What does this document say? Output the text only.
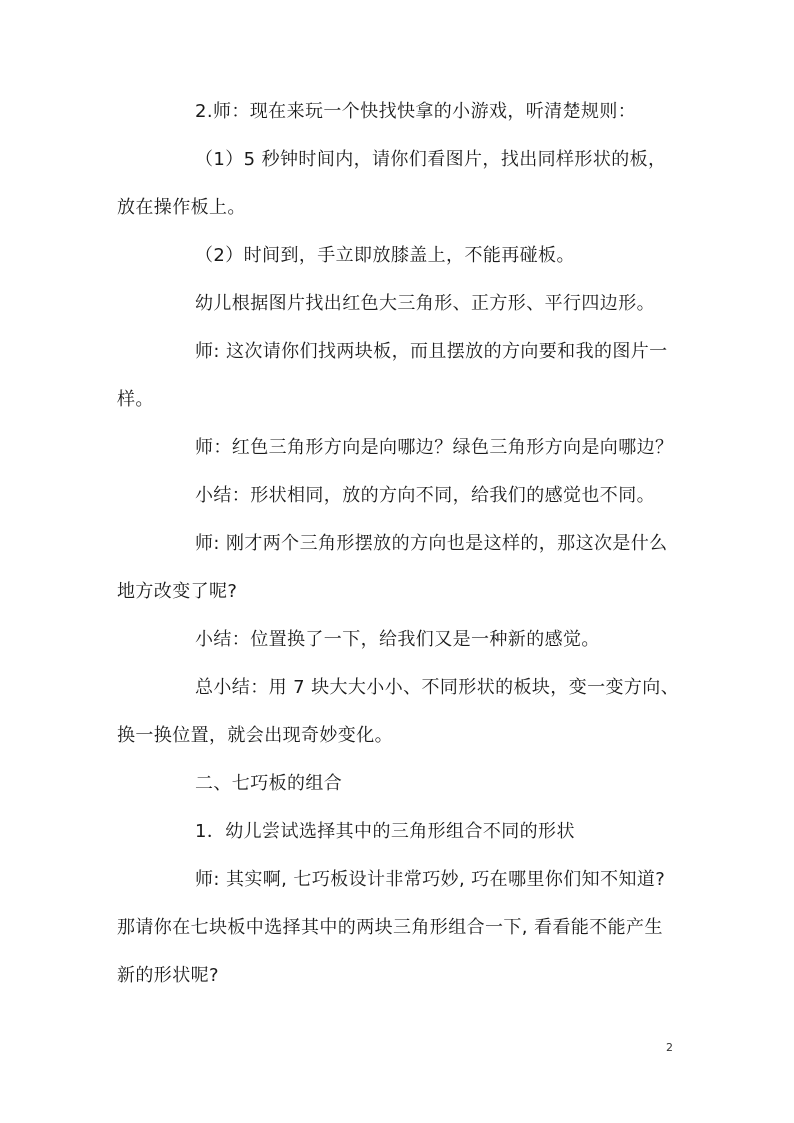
2.师：现在来玩一个快找快拿的小游戏，听清楚规则：
（1）5 秒钟时间内，请你们看图片，找出同样形状的板，
放在操作板上。
（2）时间到，手立即放膝盖上，不能再碰板。
幼儿根据图片找出红色大三角形、正方形、平行四边形。
师: 这次请你们找两块板，而且摆放的方向要和我的图片一
样。
师：红色三角形方向是向哪边？绿色三角形方向是向哪边？
小结：形状相同，放的方向不同，给我们的感觉也不同。
师: 刚才两个三角形摆放的方向也是这样的，那这次是什么
地方改变了呢?
小结：位置换了一下，给我们又是一种新的感觉。
总小结：用 7 块大大小小、不同形状的板块，变一变方向、
换一换位置，就会出现奇妙变化。
二、七巧板的组合
1．幼儿尝试选择其中的三角形组合不同的形状
师: 其实啊, 七巧板设计非常巧妙, 巧在哪里你们知不知道?
那请你在七块板中选择其中的两块三角形组合一下, 看看能不能产生
新的形状呢?
2
